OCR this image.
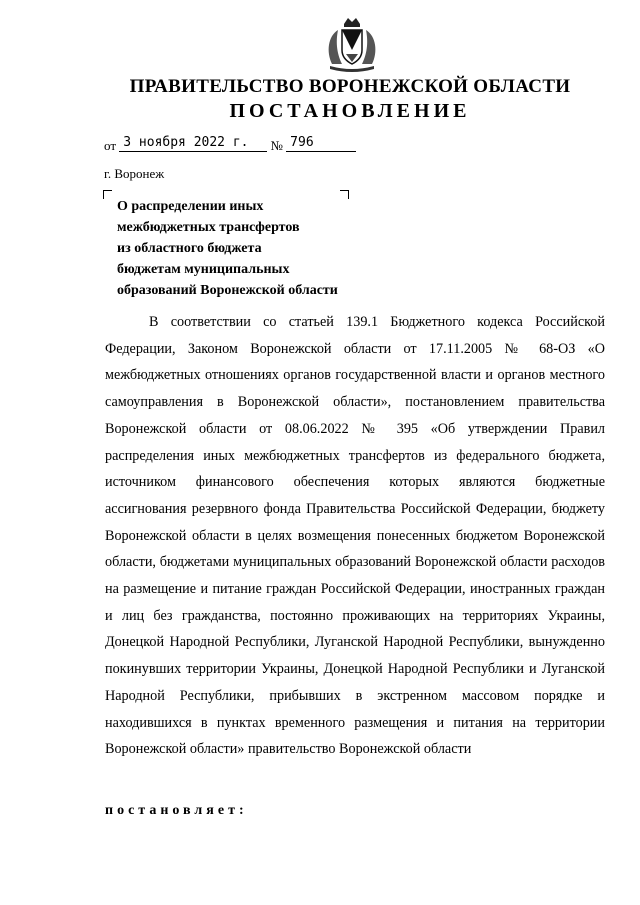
ПРАВИТЕЛЬСТВО ВОРОНЕЖСКОЙ ОБЛАСТИ
ПОСТАНОВЛЕНИЕ
от 3 ноября 2022 г. № 796
г. Воронеж
О распределении иных
межбюджетных трансфертов
из областного бюджета
бюджетам муниципальных
образований Воронежской области
В соответствии со статьей 139.1 Бюджетного кодекса Российской Федерации, Законом Воронежской области от 17.11.2005 № 68-ОЗ «О межбюджетных отношениях органов государственной власти и органов местного самоуправления в Воронежской области», постановлением правительства Воронежской области от 08.06.2022 № 395 «Об утверждении Правил распределения иных межбюджетных трансфертов из федерального бюджета, источником финансового обеспечения которых являются бюджетные ассигнования резервного фонда Правительства Российской Федерации, бюджету Воронежской области в целях возмещения понесенных бюджетом Воронежской области, бюджетами муниципальных образований Воронежской области расходов на размещение и питание граждан Российской Федерации, иностранных граждан и лиц без гражданства, постоянно проживающих на территориях Украины, Донецкой Народной Республики, Луганской Народной Республики, вынужденно покинувших территории Украины, Донецкой Народной Республики и Луганской Народной Республики, прибывших в экстренном массовом порядке и находившихся в пунктах временного размещения и питания на территории Воронежской области» правительство Воронежской области
постановляет:
